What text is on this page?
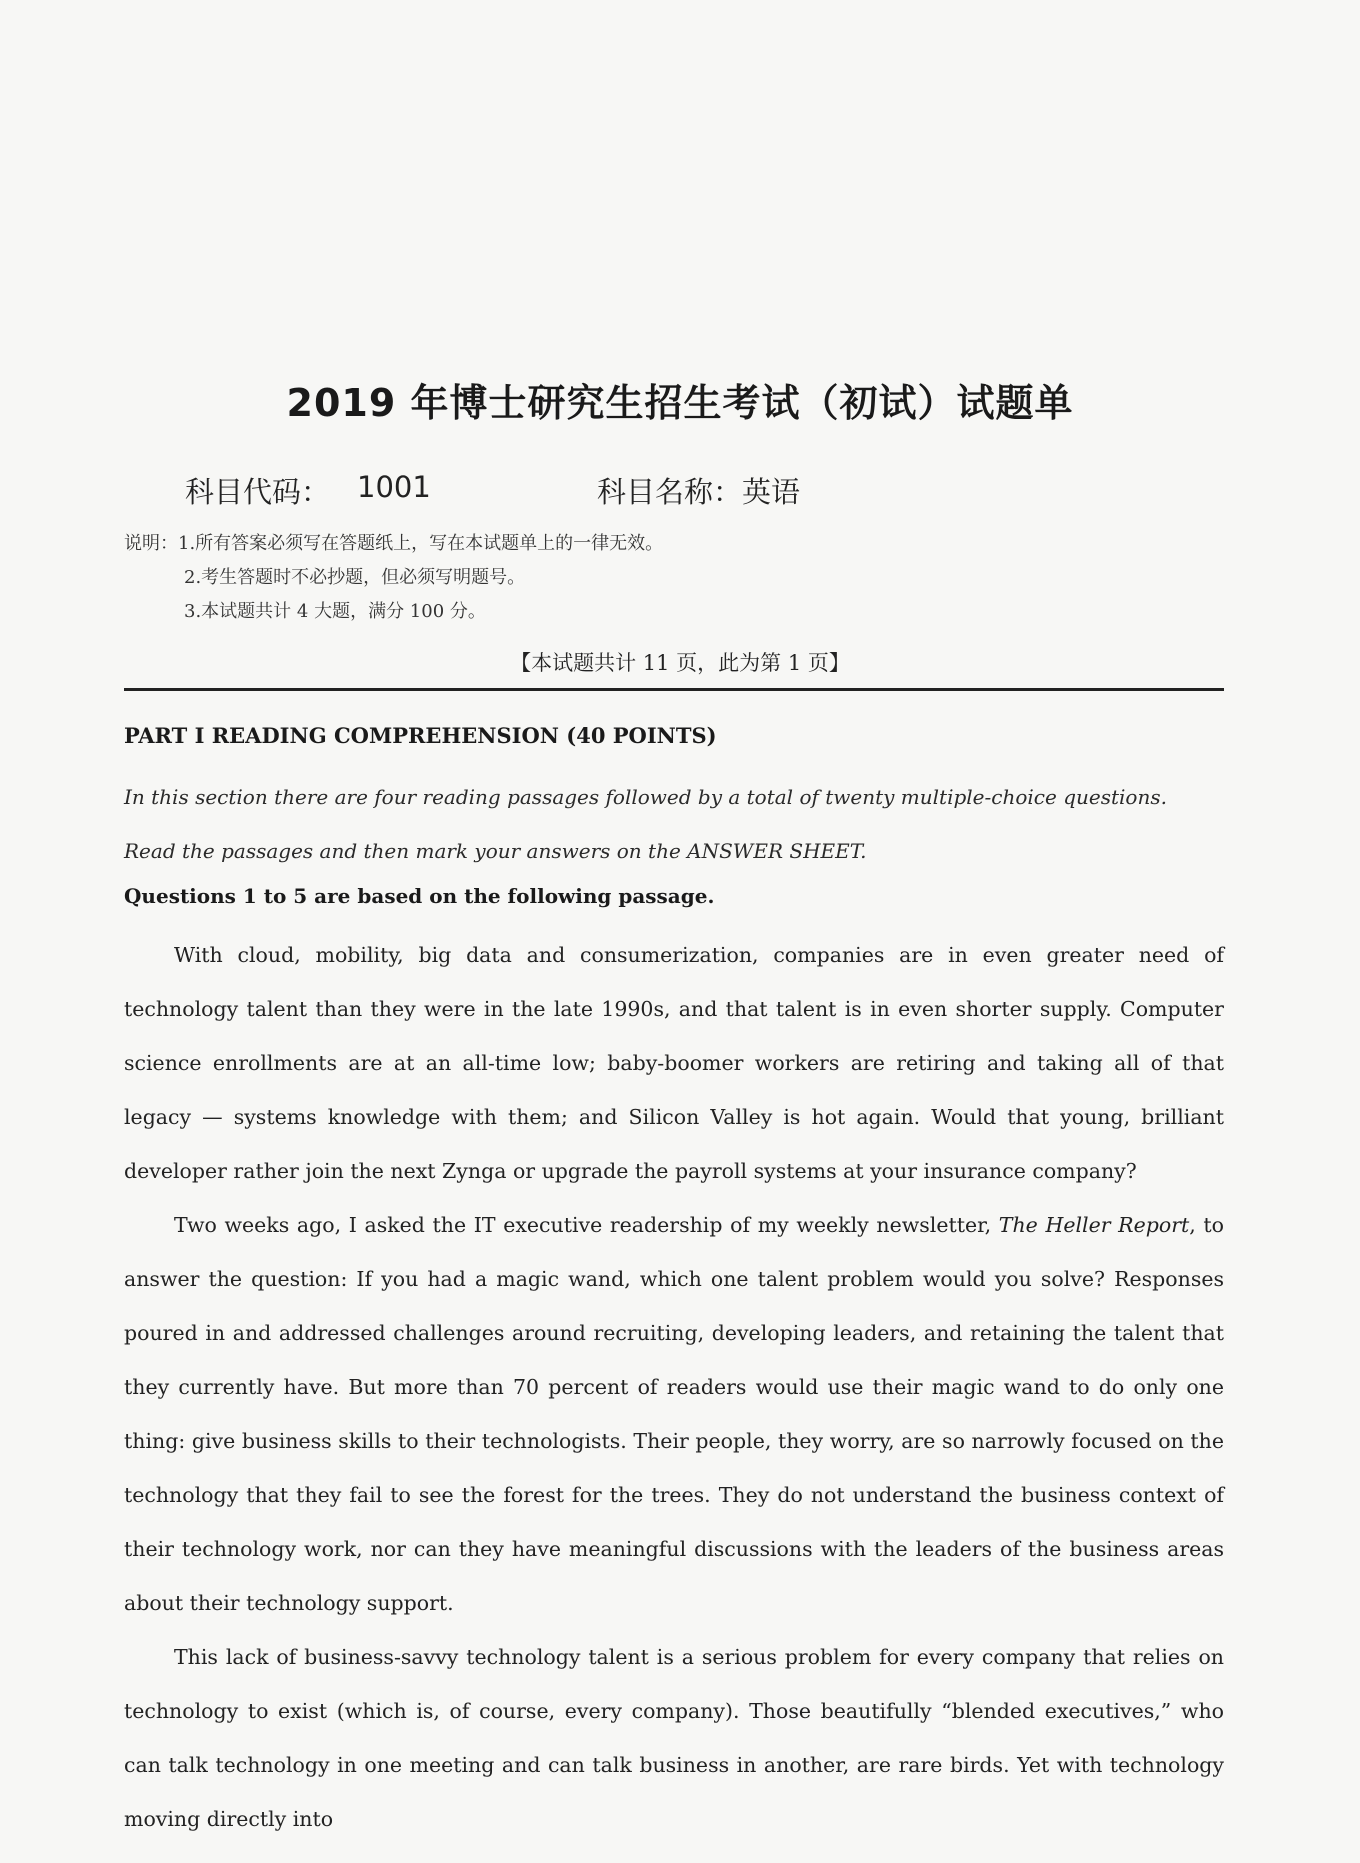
2019 年博士研究生招生考试（初试）试题单
科目代码： 1001	科目名称：英语
说明：1.所有答案必须写在答题纸上，写在本试题单上的一律无效。
2.考生答题时不必抄题，但必须写明题号。
3.本试题共计 4 大题，满分 100 分。
【本试题共计 11 页，此为第 1 页】
PART I READING COMPREHENSION (40 POINTS)
In this section there are four reading passages followed by a total of twenty multiple-choice questions. Read the passages and then mark your answers on the ANSWER SHEET.
Questions 1 to 5 are based on the following passage.

With cloud, mobility, big data and consumerization, companies are in even greater need of technology talent than they were in the late 1990s, and that talent is in even shorter supply. Computer science enrollments are at an all-time low; baby-boomer workers are retiring and taking all of that legacy — systems knowledge with them; and Silicon Valley is hot again. Would that young, brilliant developer rather join the next Zynga or upgrade the payroll systems at your insurance company?

Two weeks ago, I asked the IT executive readership of my weekly newsletter, The Heller Report, to answer the question: If you had a magic wand, which one talent problem would you solve? Responses poured in and addressed challenges around recruiting, developing leaders, and retaining the talent that they currently have. But more than 70 percent of readers would use their magic wand to do only one thing: give business skills to their technologists. Their people, they worry, are so narrowly focused on the technology that they fail to see the forest for the trees. They do not understand the business context of their technology work, nor can they have meaningful discussions with the leaders of the business areas about their technology support.

This lack of business-savvy technology talent is a serious problem for every company that relies on technology to exist (which is, of course, every company). Those beautifully “blended executives,” who can talk technology in one meeting and can talk business in another, are rare birds. Yet with technology moving directly into
